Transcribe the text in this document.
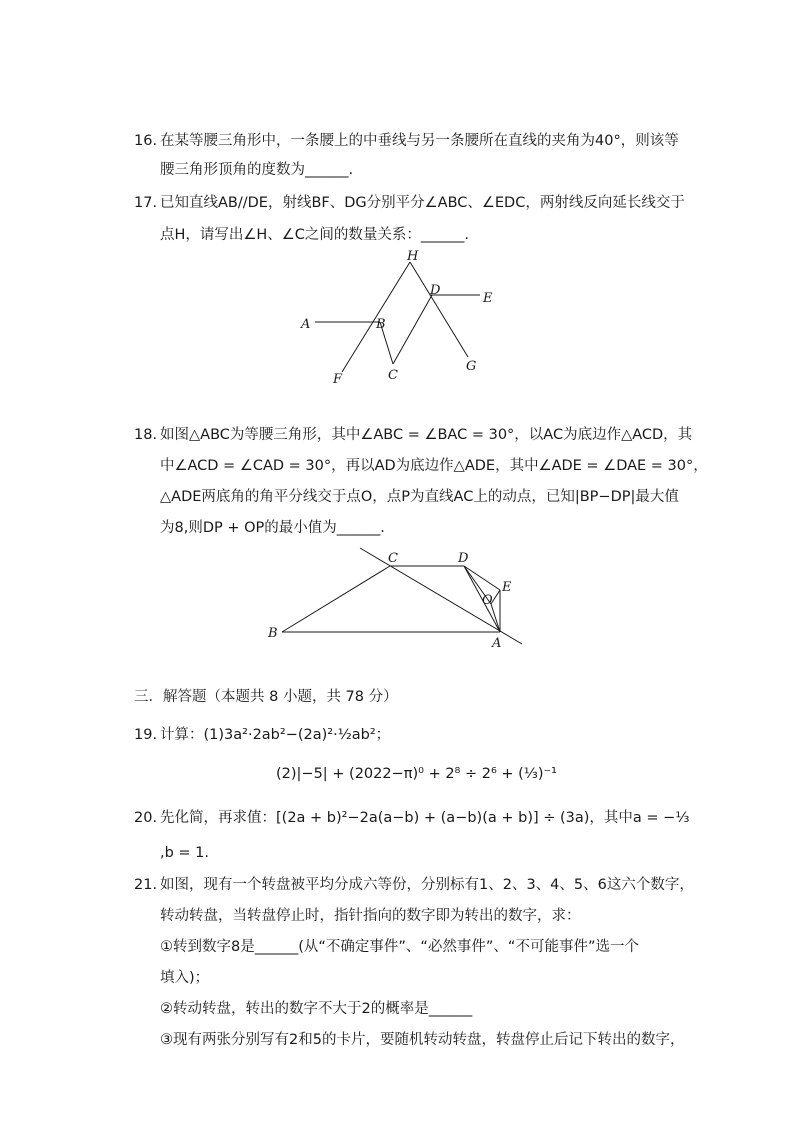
16. 在某等腰三角形中，一条腰上的中垂线与另一条腰所在直线的夹角为40°，则该等
腰三角形顶角的度数为______.
17. 已知直线AB//DE，射线BF、DG分别平分∠ABC、∠EDC，两射线反向延长线交于
点H，请写出∠H、∠C之间的数量关系：______.
H
D
E
A	B
F	C
G
18. 如图△ABC为等腰三角形，其中∠ABC = ∠BAC = 30°，以AC为底边作△ACD，其
中∠ACD = ∠CAD = 30°，再以AD为底边作△ADE，其中∠ADE = ∠DAE = 30°，
△ADE两底角的角平分线交于点O，点P为直线AC上的动点，已知|BP−DP|最大值
为8,则DP + OP的最小值为______.
C	D
E
O
B
A
三．解答题（本题共 8 小题，共 78 分）
19. 计算：(1)3a²·2ab²−(2a)²·½ab²；
(2)|−5| + (2022−π)⁰ + 2⁸ ÷ 2⁶ + (⅓)⁻¹
20. 先化简，再求值：[(2a + b)²−2a(a−b) + (a−b)(a + b)] ÷ (3a)，其中a = −⅓
,b = 1.
21. 如图，现有一个转盘被平均分成六等份，分别标有1、2、3、4、5、6这六个数字，
转动转盘，当转盘停止时，指针指向的数字即为转出的数字，求：
①转到数字8是______(从“不确定事件”、“必然事件”、“不可能事件”选一个
填入)；
②转动转盘，转出的数字不大于2的概率是______
③现有两张分别写有2和5的卡片，要随机转动转盘，转盘停止后记下转出的数字，
